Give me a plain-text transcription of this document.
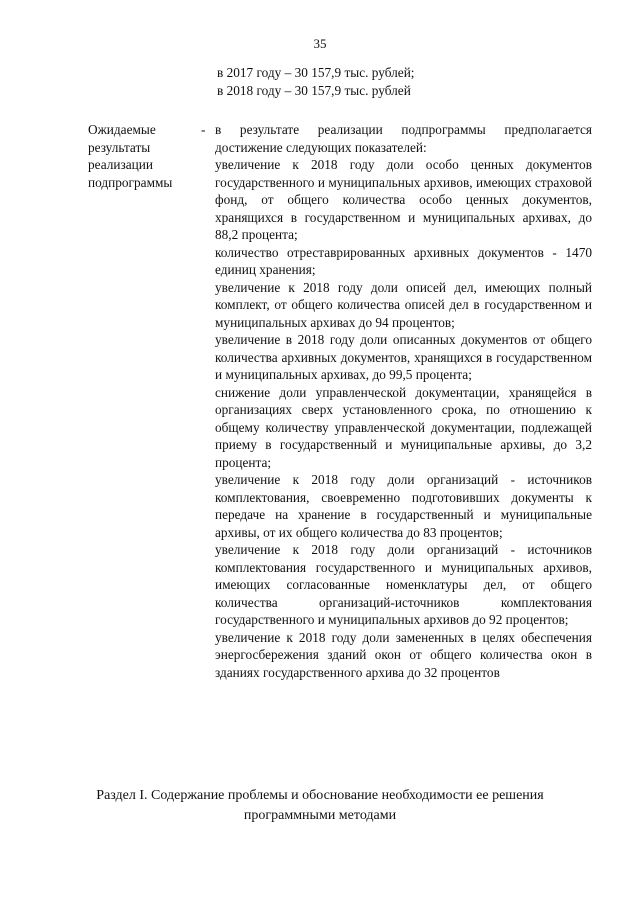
35
в 2017 году – 30 157,9 тыс. рублей;
в 2018 году – 30 157,9 тыс. рублей
Ожидаемые
результаты
реализации
подпрограммы
- в результате реализации подпрограммы предполагается достижение следующих показателей:

увеличение к 2018 году доли особо ценных документов государственного и муниципальных архивов, имеющих страховой фонд, от общего количества особо ценных документов, хранящихся в государственном и муниципальных архивах, до 88,2 процента;

количество отреставрированных архивных документов - 1470 единиц хранения;

увеличение к 2018 году доли описей дел, имеющих полный комплект, от общего количества описей дел в государственном и муниципальных архивах до 94 процентов;

увеличение в 2018 году доли описанных документов от общего количества архивных документов, хранящихся в государственном и муниципальных архивах, до 99,5 процента;

снижение доли управленческой документации, хранящейся в организациях сверх установленного срока, по отношению к общему количеству управленческой документации, подлежащей приему в государственный и муниципальные архивы, до 3,2 процента;

увеличение к 2018 году доли организаций - источников комплектования, своевременно подготовивших документы к передаче на хранение в государственный и муниципальные архивы, от их общего количества до 83 процентов;

увеличение к 2018 году доли организаций - источников комплектования государственного и муниципальных архивов, имеющих согласованные номенклатуры дел, от общего количества организаций-источников комплектования государственного и муниципальных архивов до 92 процентов;

увеличение к 2018 году доли замененных в целях обеспечения энергосбережения зданий окон от общего количества окон в зданиях государственного архива до 32 процентов

Раздел I. Содержание проблемы и обоснование необходимости ее решения
программными методами
